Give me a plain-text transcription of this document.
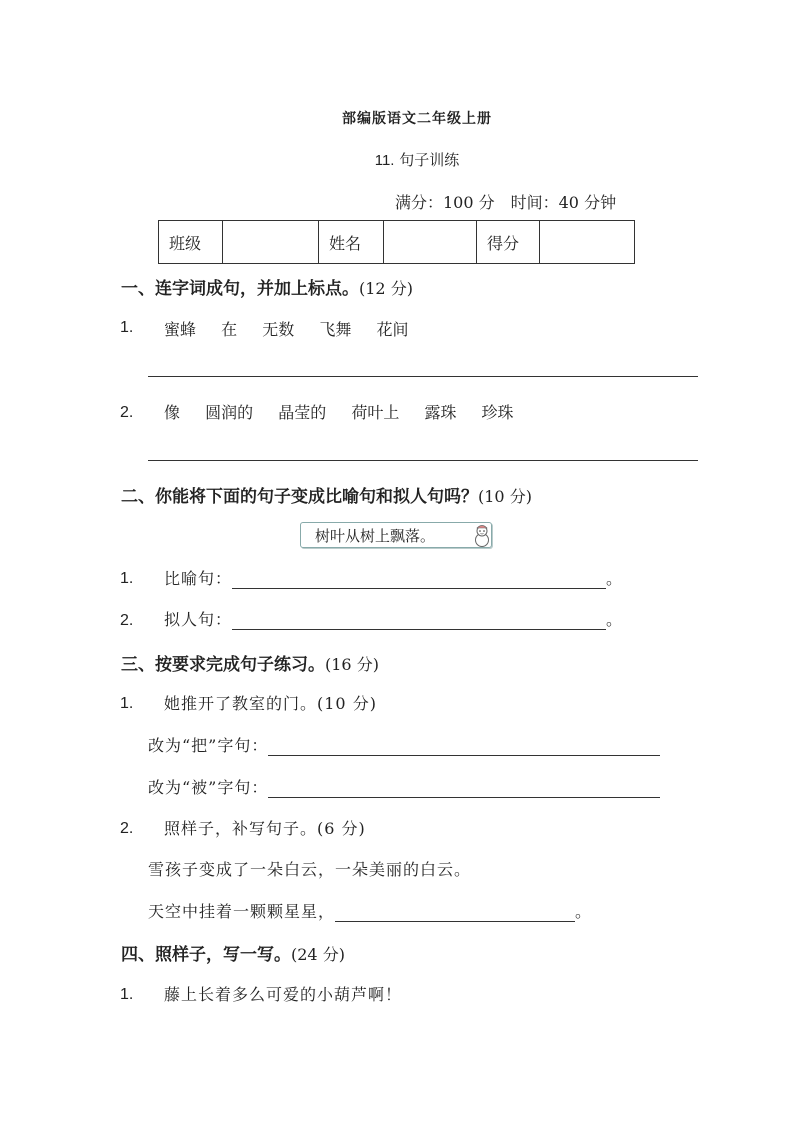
部编版语文二年级上册
11. 句子训练
满分：100 分　时间：40 分钟
班级		姓名		得分	
一、连字词成句，并加上标点。(12 分)
1. 蜜蜂 在 无数 飞舞 花间
2. 像 圆润的 晶莹的 荷叶上 露珠 珍珠
二、你能将下面的句子变成比喻句和拟人句吗？(10 分)
树叶从树上飘落。
1. 比喻句：	。
2. 拟人句：	。
三、按要求完成句子练习。(16 分)
1. 她推开了教室的门。(10 分)
改为“把”字句：
改为“被”字句：
2. 照样子，补写句子。(6 分)
雪孩子变成了一朵白云，一朵美丽的白云。
天空中挂着一颗颗星星，	。
四、照样子，写一写。(24 分)
1. 藤上长着多么可爱的小葫芦啊！
